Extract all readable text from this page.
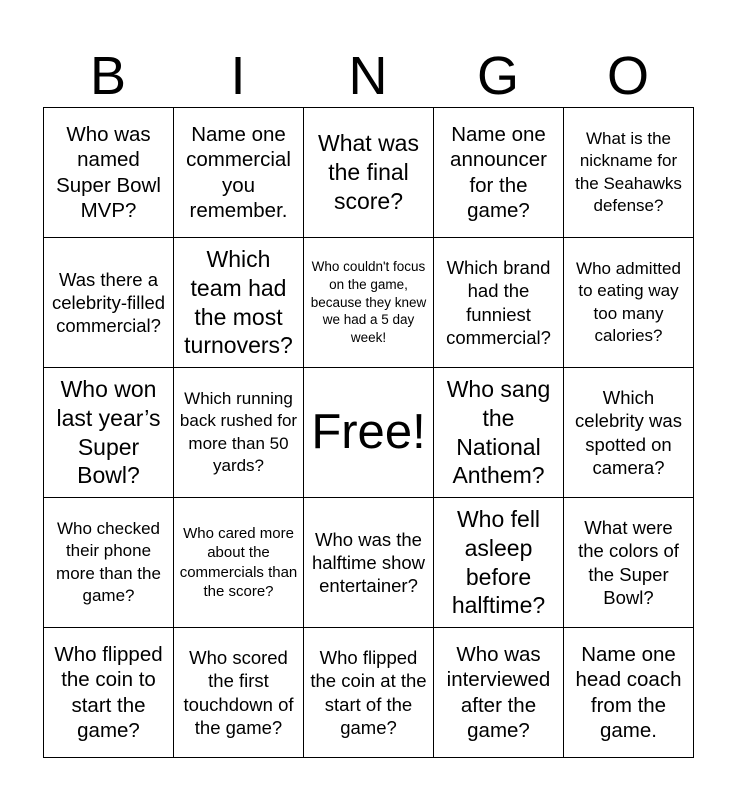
B	I	N	G	O
Who was named Super Bowl MVP?	Name one commercial you remember.	What was the final score?	Name one announcer for the game?	What is the nickname for the Seahawks defense?
Was there a celebrity-filled commercial?	Which team had the most turnovers?	Who couldn't focus on the game, because they knew we had a 5 day week!	Which brand had the funniest commercial?	Who admitted to eating way too many calories?
Who won last year’s Super Bowl?	Which running back rushed for more than 50 yards?	Free!	Who sang the National Anthem?	Which celebrity was spotted on camera?
Who checked their phone more than the game?	Who cared more about the commercials than the score?	Who was the halftime show entertainer?	Who fell asleep before halftime?	What were the colors of the Super Bowl?
Who flipped the coin to start the game?	Who scored the first touchdown of the game?	Who flipped the coin at the start of the game?	Who was interviewed after the game?	Name one head coach from the game.
